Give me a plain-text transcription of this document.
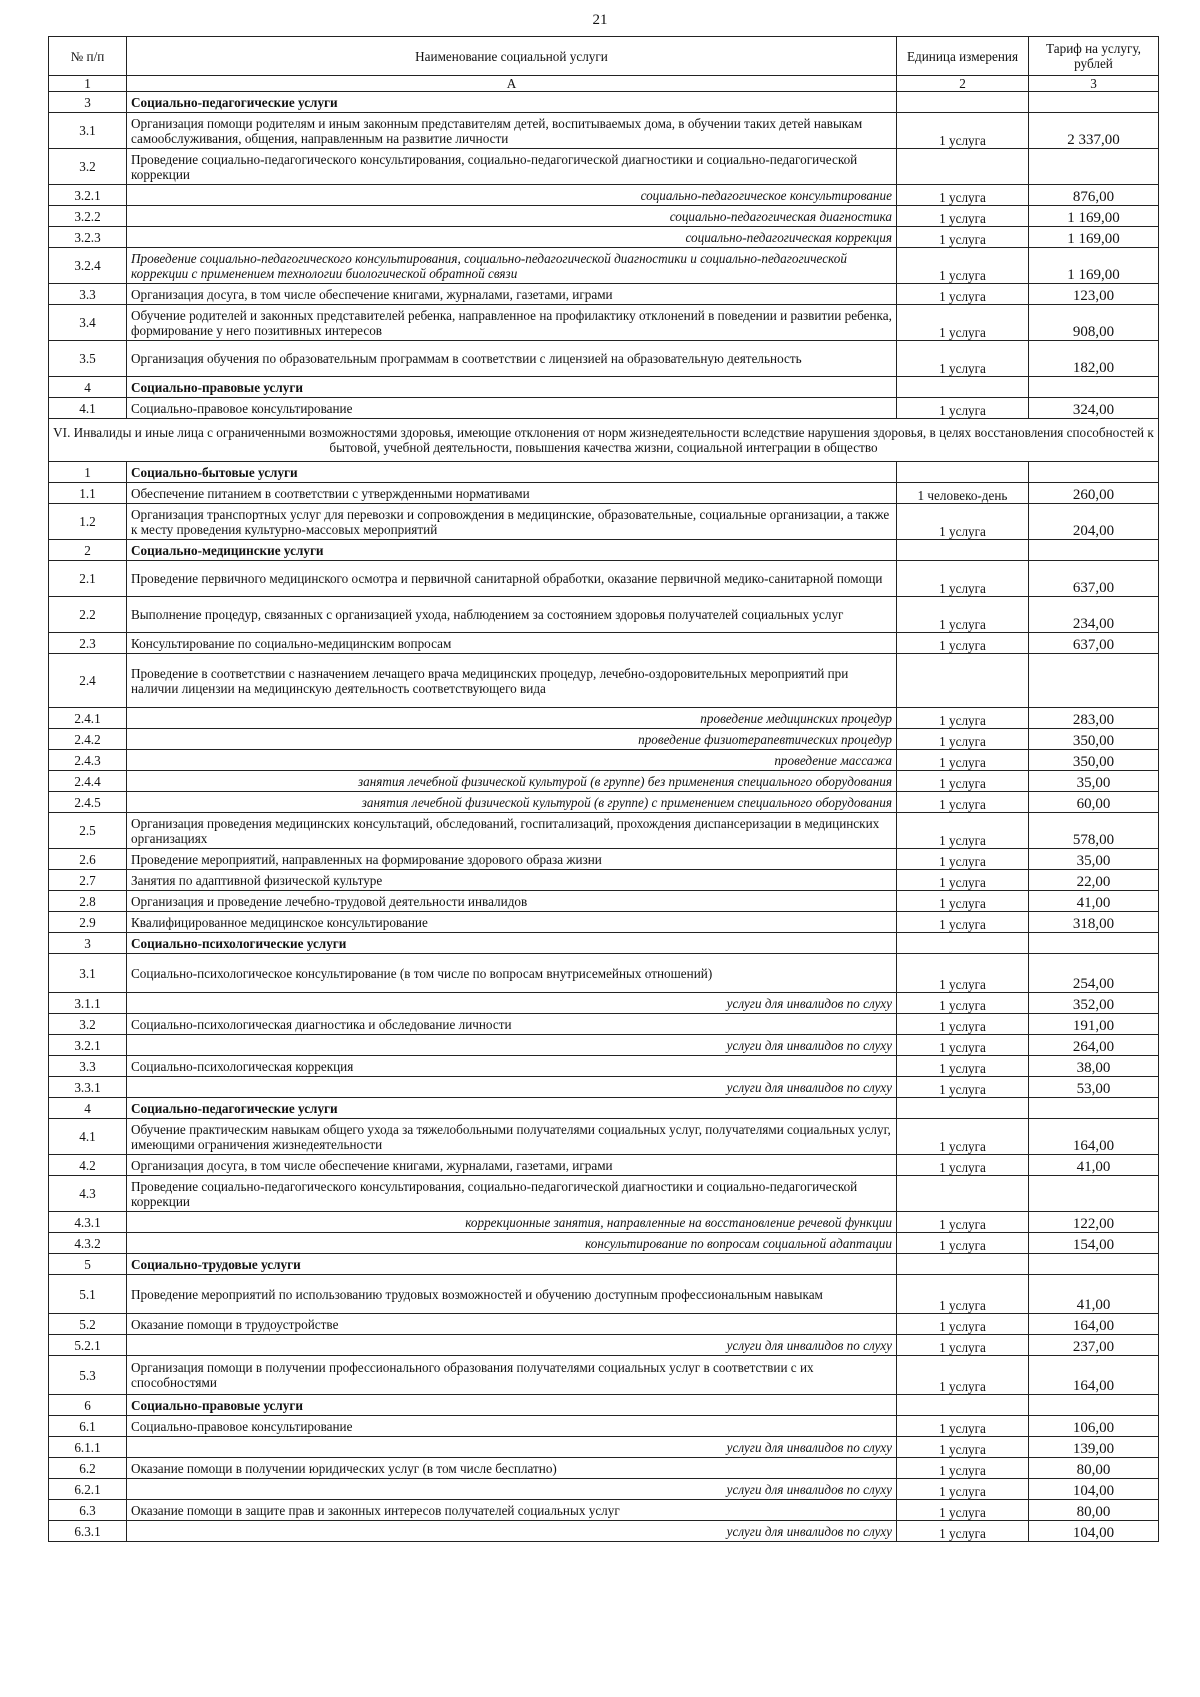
21
№ п/п	Наименование социальной услуги	Единица измерения	Тариф на услугу, рублей
1	А	2	3
3	Социально-педагогические услуги		
3.1	Организация помощи родителям и иным законным представителям детей, воспитываемых дома, в обучении таких детей навыкам самообслуживания, общения, направленным на развитие личности	1 услуга	2 337,00
3.2	Проведение социально-педагогического консультирования, социально-педагогической диагностики и социально-педагогической коррекции		
3.2.1	социально-педагогическое консультирование	1 услуга	876,00
3.2.2	социально-педагогическая диагностика	1 услуга	1 169,00
3.2.3	социально-педагогическая коррекция	1 услуга	1 169,00
3.2.4	Проведение социально-педагогического консультирования, социально-педагогической диагностики и социально-педагогической коррекции с применением технологии биологической обратной связи	1 услуга	1 169,00
3.3	Организация досуга, в том числе обеспечение книгами, журналами, газетами, играми	1 услуга	123,00
3.4	Обучение родителей и законных представителей ребенка, направленное на профилактику отклонений в поведении и развитии ребенка, формирование у него позитивных интересов	1 услуга	908,00
3.5	Организация обучения по образовательным программам в соответствии с лицензией на образовательную деятельность	1 услуга	182,00
4	Социально-правовые услуги		
4.1	Социально-правовое консультирование	1 услуга	324,00
VI. Инвалиды и иные лица с ограниченными возможностями здоровья, имеющие отклонения от норм жизнедеятельности вследствие нарушения здоровья, в целях восстановления способностей к бытовой, учебной деятельности, повышения качества жизни, социальной интеграции в общество			
1	Социально-бытовые услуги		
1.1	Обеспечение питанием в соответствии с утвержденными нормативами	1 человеко-день	260,00
1.2	Организация транспортных услуг для перевозки и сопровождения в медицинские, образовательные, социальные организации, а также к месту проведения культурно-массовых мероприятий	1 услуга	204,00
2	Социально-медицинские услуги		
2.1	Проведение первичного медицинского осмотра и первичной санитарной обработки, оказание первичной медико-санитарной помощи	1 услуга	637,00
2.2	Выполнение процедур, связанных с организацией ухода, наблюдением за состоянием здоровья получателей социальных услуг	1 услуга	234,00
2.3	Консультирование по социально-медицинским вопросам	1 услуга	637,00
2.4	Проведение в соответствии с назначением лечащего врача медицинских процедур, лечебно-оздоровительных мероприятий при наличии лицензии на медицинскую деятельность соответствующего вида		
2.4.1	проведение медицинских процедур	1 услуга	283,00
2.4.2	проведение физиотерапевтических процедур	1 услуга	350,00
2.4.3	проведение массажа	1 услуга	350,00
2.4.4	занятия лечебной физической культурой (в группе) без применения специального оборудования	1 услуга	35,00
2.4.5	занятия лечебной физической культурой (в группе) с применением специального оборудования	1 услуга	60,00
2.5	Организация проведения медицинских консультаций, обследований, госпитализаций, прохождения диспансеризации в медицинских организациях	1 услуга	578,00
2.6	Проведение мероприятий, направленных на формирование здорового образа жизни	1 услуга	35,00
2.7	Занятия по адаптивной физической культуре	1 услуга	22,00
2.8	Организация и проведение лечебно-трудовой деятельности инвалидов	1 услуга	41,00
2.9	Квалифицированное медицинское консультирование	1 услуга	318,00
3	Социально-психологические услуги		
3.1	Социально-психологическое консультирование (в том числе по вопросам внутрисемейных отношений)	1 услуга	254,00
3.1.1	услуги для инвалидов по слуху	1 услуга	352,00
3.2	Социально-психологическая диагностика и обследование личности	1 услуга	191,00
3.2.1	услуги для инвалидов по слуху	1 услуга	264,00
3.3	Социально-психологическая коррекция	1 услуга	38,00
3.3.1	услуги для инвалидов по слуху	1 услуга	53,00
4	Социально-педагогические услуги		
4.1	Обучение практическим навыкам общего ухода за тяжелобольными получателями социальных услуг, получателями социальных услуг, имеющими ограничения жизнедеятельности	1 услуга	164,00
4.2	Организация досуга, в том числе обеспечение книгами, журналами, газетами, играми	1 услуга	41,00
4.3	Проведение социально-педагогического консультирования, социально-педагогической диагностики и социально-педагогической коррекции		
4.3.1	коррекционные занятия, направленные на восстановление речевой функции	1 услуга	122,00
4.3.2	консультирование по вопросам социальной адаптации	1 услуга	154,00
5	Социально-трудовые услуги		
5.1	Проведение мероприятий по использованию трудовых возможностей и обучению доступным профессиональным навыкам	1 услуга	41,00
5.2	Оказание помощи в трудоустройстве	1 услуга	164,00
5.2.1	услуги для инвалидов по слуху	1 услуга	237,00
5.3	Организация помощи в получении профессионального образования получателями социальных услуг в соответствии с их способностями	1 услуга	164,00
6	Социально-правовые услуги		
6.1	Социально-правовое консультирование	1 услуга	106,00
6.1.1	услуги для инвалидов по слуху	1 услуга	139,00
6.2	Оказание помощи в получении юридических услуг (в том числе бесплатно)	1 услуга	80,00
6.2.1	услуги для инвалидов по слуху	1 услуга	104,00
6.3	Оказание помощи в защите прав и законных интересов получателей социальных услуг	1 услуга	80,00
6.3.1	услуги для инвалидов по слуху	1 услуга	104,00
